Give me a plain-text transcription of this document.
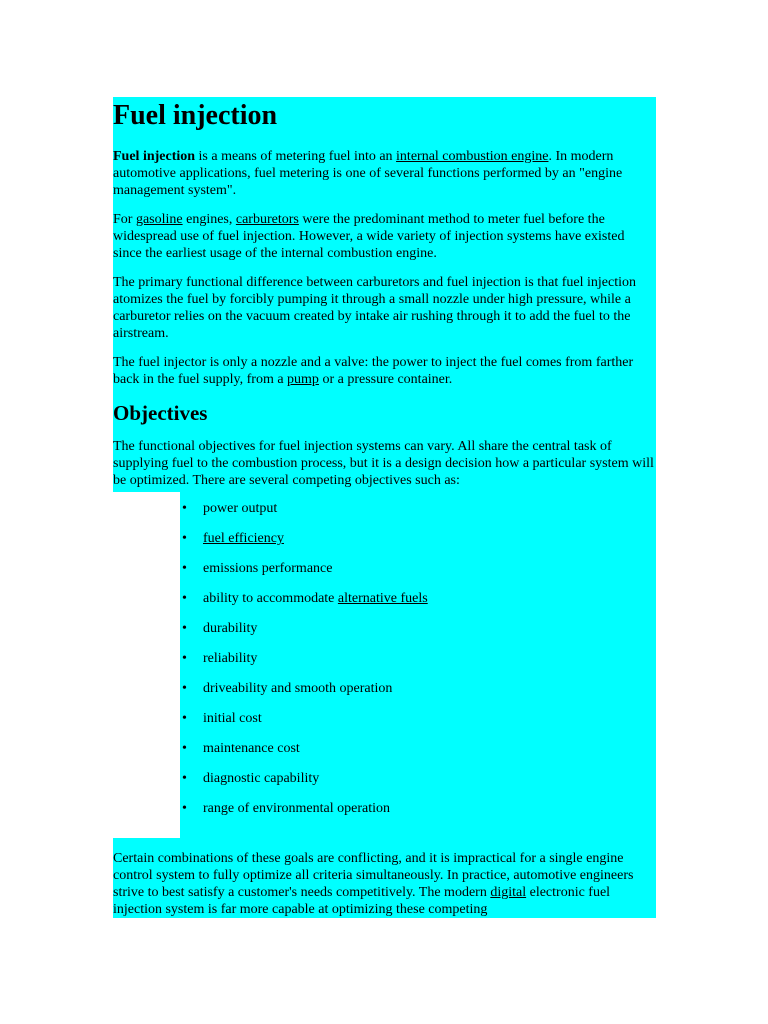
Fuel injection

Fuel injection is a means of metering fuel into an internal combustion engine. In modern automotive applications, fuel metering is one of several functions performed by an "engine management system".

For gasoline engines, carburetors were the predominant method to meter fuel before the widespread use of fuel injection. However, a wide variety of injection systems have existed since the earliest usage of the internal combustion engine.

The primary functional difference between carburetors and fuel injection is that fuel injection atomizes the fuel by forcibly pumping it through a small nozzle under high pressure, while a carburetor relies on the vacuum created by intake air rushing through it to add the fuel to the airstream.

The fuel injector is only a nozzle and a valve: the power to inject the fuel comes from farther back in the fuel supply, from a pump or a pressure container.

Objectives

The functional objectives for fuel injection systems can vary. All share the central task of supplying fuel to the combustion process, but it is a design decision how a particular system will be optimized. There are several competing objectives such as:

• power output
• fuel efficiency
• emissions performance
• ability to accommodate alternative fuels
• durability
• reliability
• driveability and smooth operation
• initial cost
• maintenance cost
• diagnostic capability
• range of environmental operation

Certain combinations of these goals are conflicting, and it is impractical for a single engine control system to fully optimize all criteria simultaneously. In practice, automotive engineers strive to best satisfy a customer's needs competitively. The modern digital electronic fuel injection system is far more capable at optimizing these competing
